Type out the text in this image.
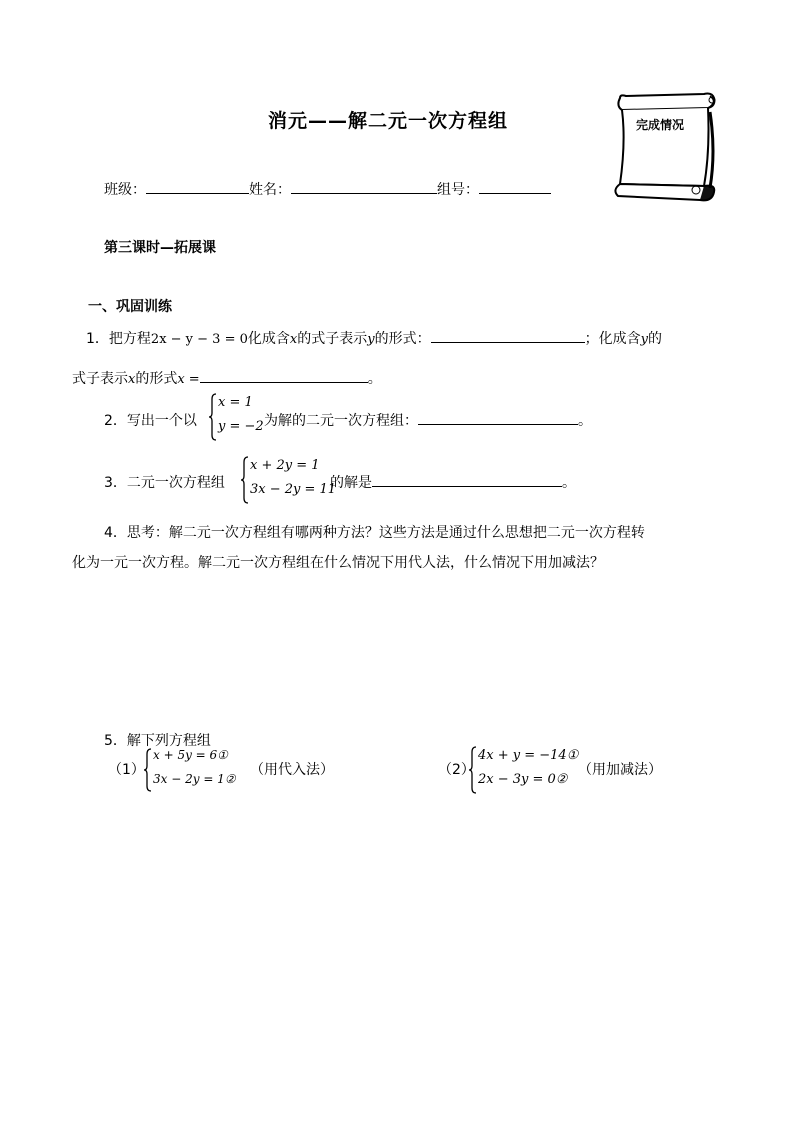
消元——解二元一次方程组	完成情况
班级：	姓名：	组号：
第三课时—拓展课
一、巩固训练
1．把方程2x − y − 3 = 0化成含x的式子表示y的形式：	；化成含y的
式子表示x的形式x =	。
2．写出一个以
x = 1
y = −2 为解的二元一次方程组：	。
3．二元一次方程组
x + 2y = 1
3x − 2y = 11
的解是	。
4．思考：解二元一次方程组有哪两种方法？这些方法是通过什么思想把二元一次方程转
化为一元一次方程。解二元一次方程组在什么情况下用代人法，什么情况下用加减法？
5．解下列方程组
（1）
x + 5y = 6①
3x − 2y = 1②
（用代入法）	（2）
4x + y = −14①
2x − 3y = 0②
（用加减法）
